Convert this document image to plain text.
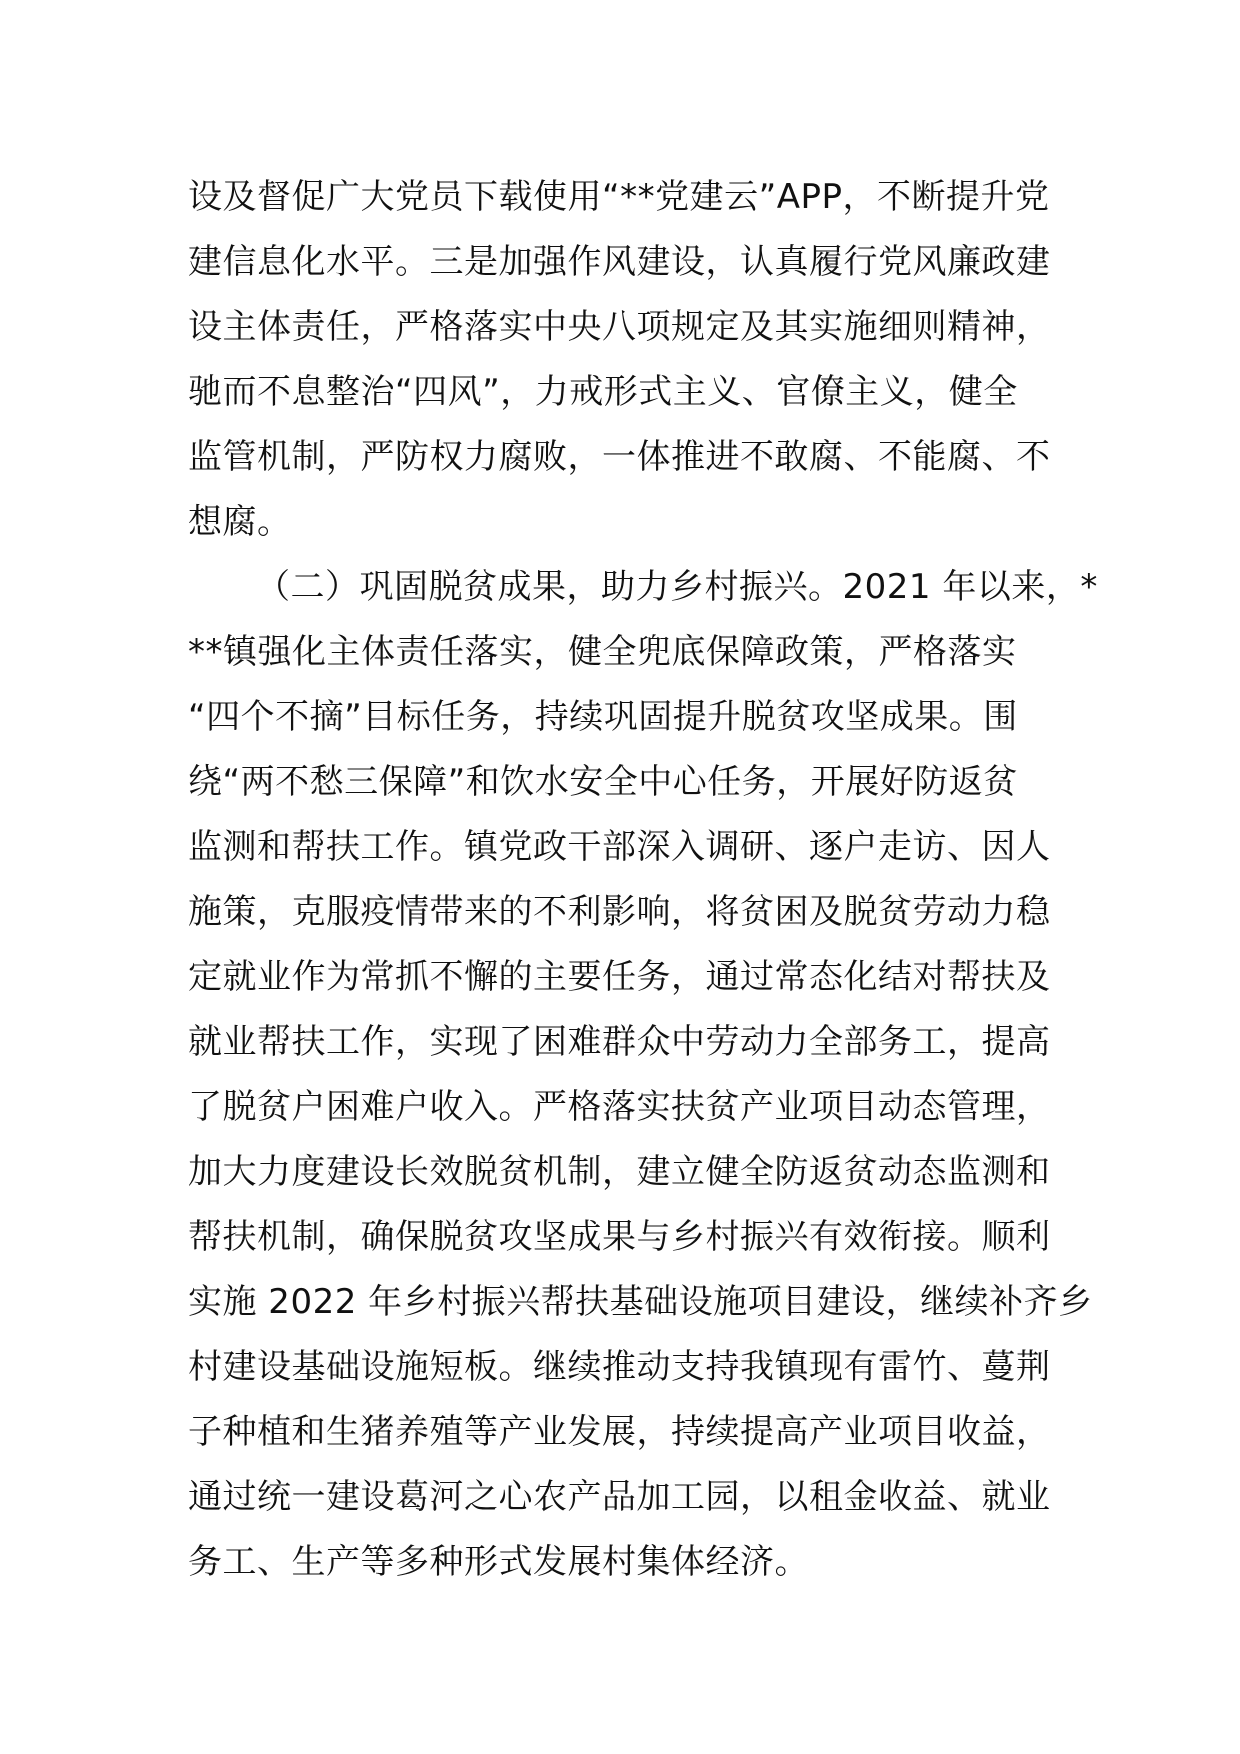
设及督促广大党员下载使用“**党建云”APP，不断提升党
建信息化水平。三是加强作风建设，认真履行党风廉政建
设主体责任，严格落实中央八项规定及其实施细则精神，
驰而不息整治“四风”，力戒形式主义、官僚主义，健全
监管机制，严防权力腐败，一体推进不敢腐、不能腐、不
想腐。
（二）巩固脱贫成果，助力乡村振兴。2021 年以来，*
**镇强化主体责任落实，健全兜底保障政策，严格落实
“四个不摘”目标任务，持续巩固提升脱贫攻坚成果。围
绕“两不愁三保障”和饮水安全中心任务，开展好防返贫
监测和帮扶工作。镇党政干部深入调研、逐户走访、因人
施策，克服疫情带来的不利影响，将贫困及脱贫劳动力稳
定就业作为常抓不懈的主要任务，通过常态化结对帮扶及
就业帮扶工作，实现了困难群众中劳动力全部务工，提高
了脱贫户困难户收入。严格落实扶贫产业项目动态管理，
加大力度建设长效脱贫机制，建立健全防返贫动态监测和
帮扶机制，确保脱贫攻坚成果与乡村振兴有效衔接。顺利
实施 2022 年乡村振兴帮扶基础设施项目建设，继续补齐乡
村建设基础设施短板。继续推动支持我镇现有雷竹、蔓荆
子种植和生猪养殖等产业发展，持续提高产业项目收益，
通过统一建设葛河之心农产品加工园，以租金收益、就业
务工、生产等多种形式发展村集体经济。
